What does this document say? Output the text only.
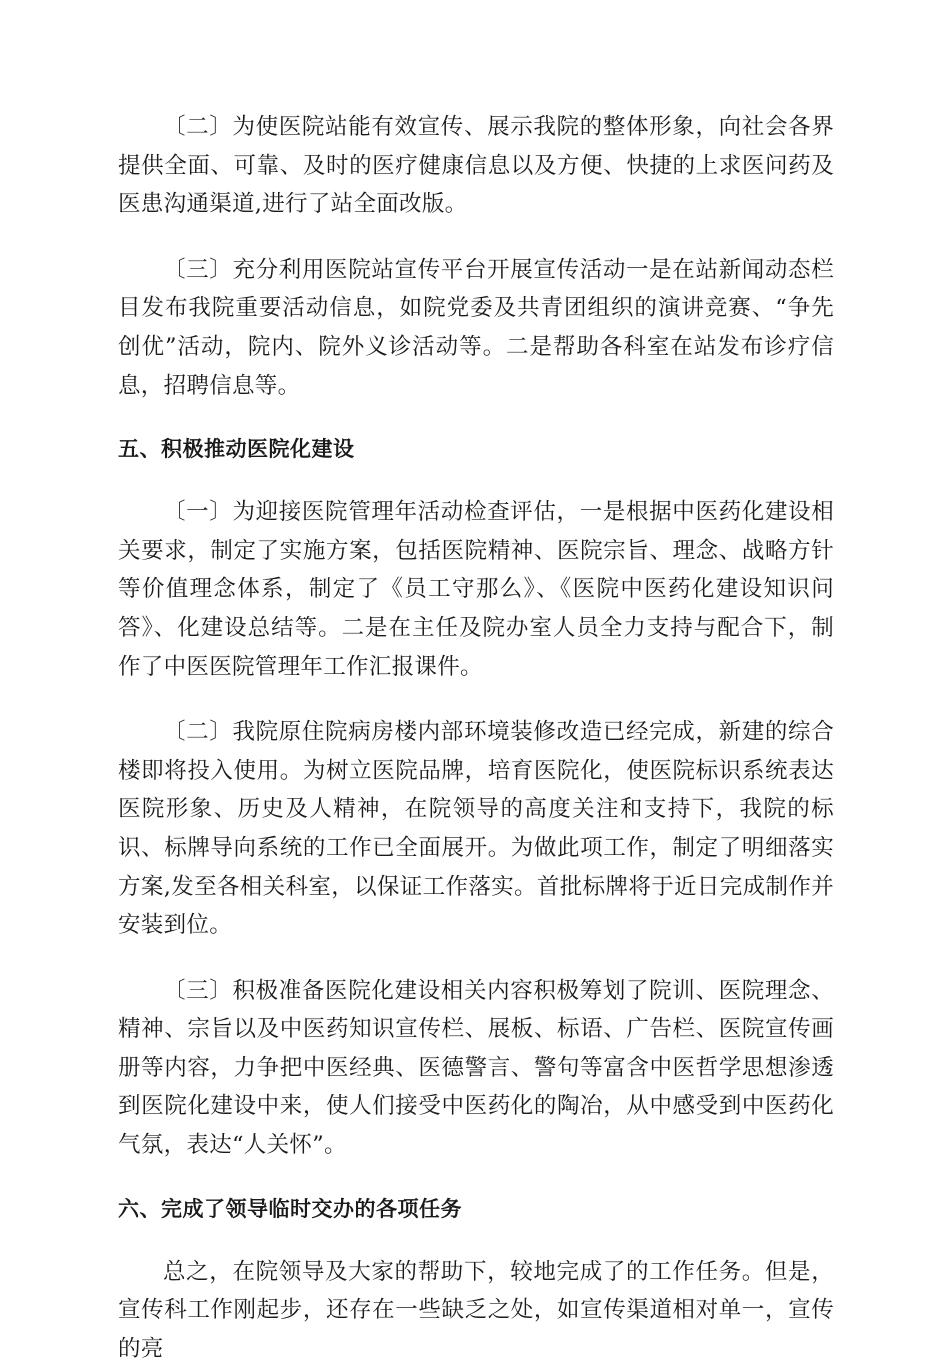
〔二〕为使医院站能有效宣传、展示我院的整体形象，向社会各界提供全面、可靠、及时的医疗健康信息以及方便、快捷的上求医问药及医患沟通渠道,进行了站全面改版。

〔三〕充分利用医院站宣传平台开展宣传活动一是在站新闻动态栏目发布我院重要活动信息，如院党委及共青团组织的演讲竞赛、“争先创优”活动，院内、院外义诊活动等。二是帮助各科室在站发布诊疗信息，招聘信息等。

五、积极推动医院化建设

〔一〕为迎接医院管理年活动检查评估，一是根据中医药化建设相关要求，制定了实施方案，包括医院精神、医院宗旨、理念、战略方针等价值理念体系，制定了《员工守那么》、《医院中医药化建设知识问答》、化建设总结等。二是在主任及院办室人员全力支持与配合下，制作了中医医院管理年工作汇报课件。

〔二〕我院原住院病房楼内部环境装修改造已经完成，新建的综合楼即将投入使用。为树立医院品牌，培育医院化，使医院标识系统表达医院形象、历史及人精神，在院领导的高度关注和支持下，我院的标识、标牌导向系统的工作已全面展开。为做此项工作，制定了明细落实方案,发至各相关科室，以保证工作落实。首批标牌将于近日完成制作并安装到位。

〔三〕积极准备医院化建设相关内容积极筹划了院训、医院理念、精神、宗旨以及中医药知识宣传栏、展板、标语、广告栏、医院宣传画册等内容，力争把中医经典、医德警言、警句等富含中医哲学思想渗透到医院化建设中来，使人们接受中医药化的陶冶，从中感受到中医药化气氛，表达“人关怀”。

六、完成了领导临时交办的各项任务

总之，在院领导及大家的帮助下，较地完成了的工作任务。但是，宣传科工作刚起步，还存在一些缺乏之处，如宣传渠道相对单一，宣传的亮
